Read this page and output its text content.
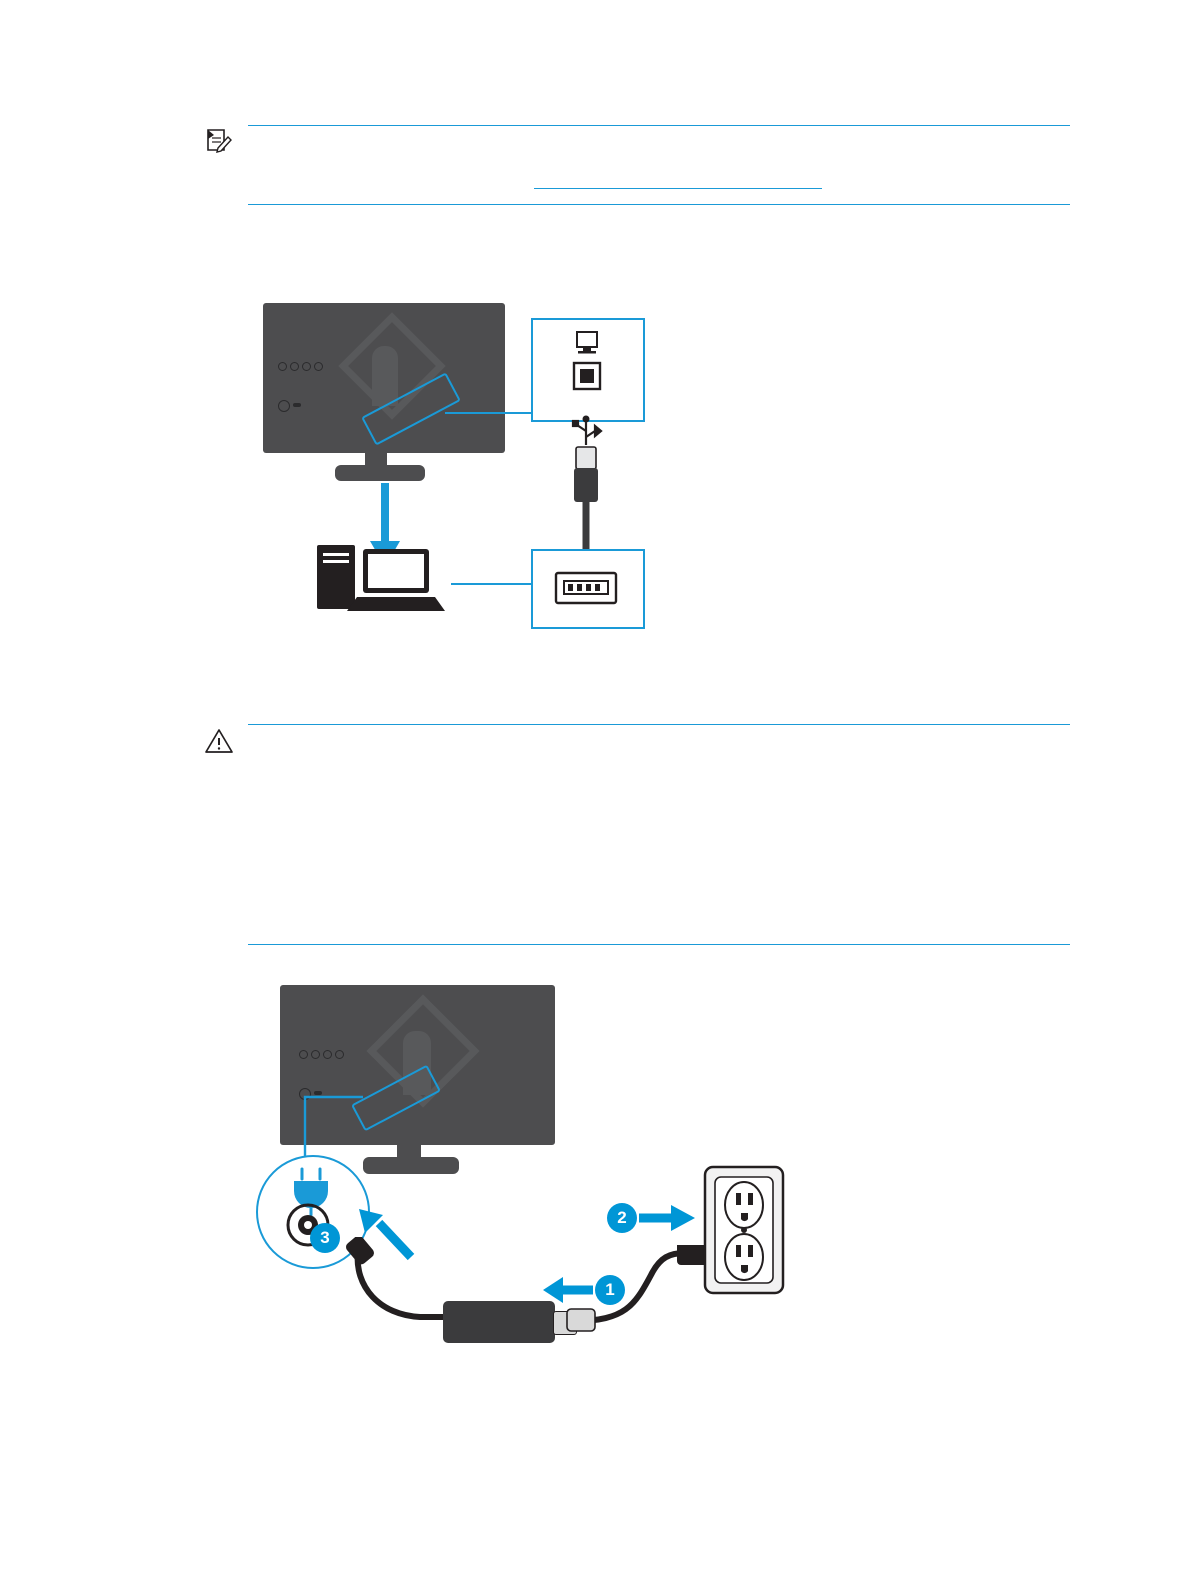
3
1
2
